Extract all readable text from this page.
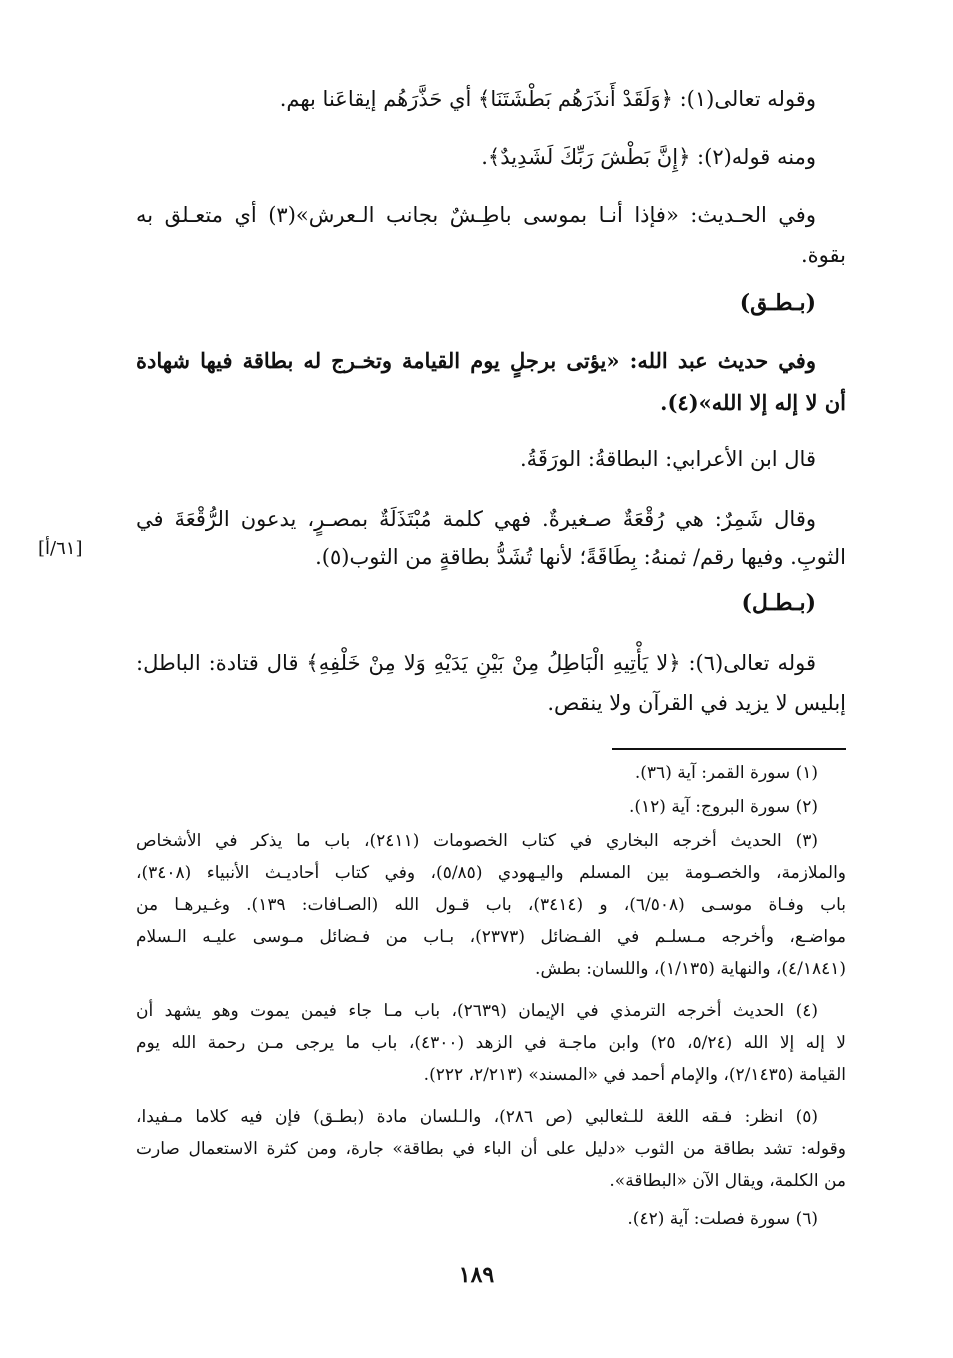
وقوله تعالى(١): ﴿وَلَقَدْ أَنذَرَهُم بَطْشَتَنَا﴾ أي حَذَّرَهُم إيقاعَنا بهم.
ومنه قوله(٢): ﴿إِنَّ بَطْشَ رَبِّكَ لَشَدِيدٌ﴾.
وفي الحـديث: «فإذا أنـا بموسى باطِـشٌ بجانب الـعرش»(٣) أي متعـلق به
بقوة.
(بـطـق)
وفي حديث عبد الله: «يؤتى برجلٍ يوم القيامة وتخـرج له بطاقة فيها شهادة
أن لا إله إلا الله»(٤).
قال ابن الأعرابي: البطاقةُ: الورَقَةُ.
وقال شَمِرٌ: هي رُقْعَةٌ صـغيرةٌ. فهي كلمة مُبْتَذَلَةٌ بمصـرٍ، يدعون الرُّقْعَةَ في
الثوبِ. وفيها رقم/ ثمنهُ: بِطَاقَةً؛ لأنها تُشَدُّ بطاقةٍ من الثوب(٥).
(بـطـل)
قوله تعالى(٦): ﴿لا يَأْتِيهِ الْبَاطِلُ مِنْ بَيْنِ يَدَيْهِ وَلا مِنْ خَلْفِهِ﴾ قال قتادة: الباطل:
إبليس لا يزيد في القرآن ولا ينقص.
[٦١/أ]
(١) سورة القمر: آية (٣٦).
(٢) سورة البروج: آية (١٢).
(٣) الحديث أخرجه البخاري في كتاب الخصومات (٢٤١١)، باب ما يذكر في الأشخاص
والملازمة، والخصـومة بين المسلم واليـهودي (٥/٨٥)، وفي كتاب أحاديـث الأنبياء (٣٤٠٨)،
باب وفـاة موسـى (٦/٥٠٨)، و (٣٤١٤)، باب قـول الله (الصـافات: ١٣٩). وغـيرهـا من
مواضـع، وأخرجه مـسلـم في الفـضائل (٢٣٧٣)، بـاب من فـضائل مـوسى عليـه الـسلام
(٤/١٨٤١)، والنهاية (١/١٣٥)، واللسان: بطش.
(٤) الحديث أخرجه الترمذي في الإيمان (٢٦٣٩)، باب مـا جاء فيمن يموت وهو يشهد أن
لا إله إلا الله (٥/٢٤، ٢٥) وابن ماجـة في الزهد (٤٣٠٠)، باب ما يرجى مـن رحمة الله يوم
القيامة (٢/١٤٣٥)، والإمام أحمد في «المسند» (٢/٢١٣، ٢٢٢).
(٥) انظر: فـقه اللغة للـثعالبي (ص ٢٨٦)، والـلسان مادة (بطـق) فإن فيه كلاما مـفيدا،
وقوله: تشد بطاقة من الثوب «دليل على أن الباء في بطاقة» جارة، ومن كثرة الاستعمال صارت
من الكلمة، ويقال الآن «البطاقة».
(٦) سورة فصلت: آية (٤٢).
١٨٩
